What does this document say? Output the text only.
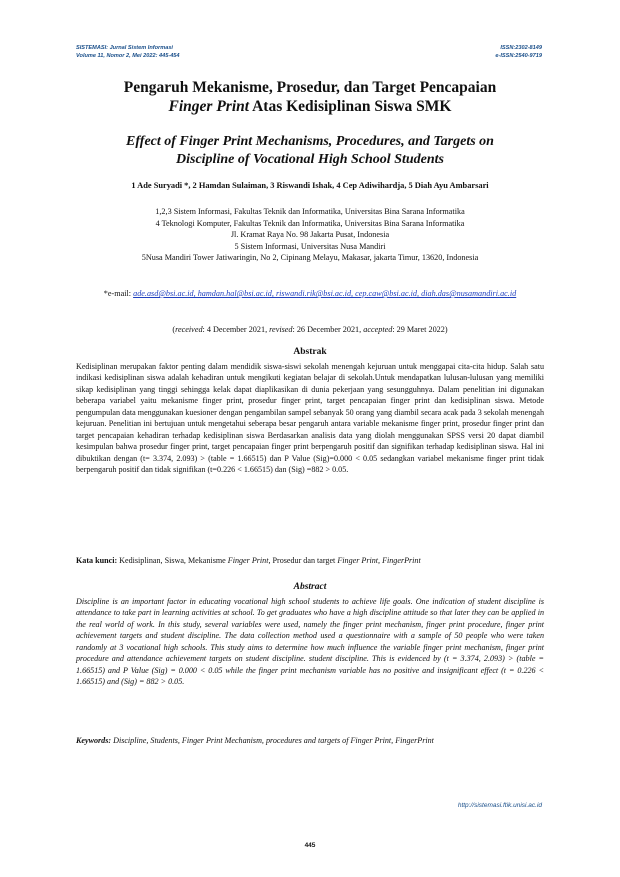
SISTEMASI: Jurnal Sistem Informasi
Volume 11, Nomor 2, Mei 2022: 445-454
ISSN:2302-8149
e-ISSN:2540-9719
Pengaruh Mekanisme, Prosedur, dan Target Pencapaian
Finger Print Atas Kedisiplinan Siswa SMK
Effect of Finger Print Mechanisms, Procedures, and Targets on
Discipline of Vocational High School Students
1 Ade Suryadi *, 2 Hamdan Sulaiman, 3 Riswandi Ishak, 4 Cep Adiwihardja, 5 Diah Ayu Ambarsari
1,2,3 Sistem Informasi, Fakultas Teknik dan Informatika, Universitas Bina Sarana Informatika
4 Teknologi Komputer, Fakultas Teknik dan Informatika, Universitas Bina Sarana Informatika
Jl. Kramat Raya No. 98 Jakarta Pusat, Indonesia
5 Sistem Informasi, Universitas Nusa Mandiri
5Nusa Mandiri Tower Jatiwaringin, No 2, Cipinang Melayu, Makasar, jakarta Timur, 13620, Indonesia
*e-mail: ade.asd@bsi.ac.id, hamdan.hal@bsi.ac.id, riswandi.rik@bsi.ac.id, cep.caw@bsi.ac.id, diah.das@nusamandiri.ac.id
(received: 4 December 2021, revised: 26 December 2021, accepted: 29 Maret 2022)
Abstrak
Kedisiplinan merupakan faktor penting dalam mendidik siswa-siswi sekolah menengah kejuruan untuk menggapai cita-cita hidup. Salah satu indikasi kedisiplinan siswa adalah kehadiran untuk mengikuti kegiatan belajar di sekolah.Untuk mendapatkan lulusan-lulusan yang memiliki sikap kedisiplinan yang tinggi sehingga kelak dapat diaplikasikan di dunia pekerjaan yang sesungguhnya. Dalam penelitian ini digunakan beberapa variabel yaitu mekanisme finger print, prosedur finger print, target pencapaian finger print dan kedisiplinan siswa. Metode pengumpulan data menggunakan kuesioner dengan pengambilan sampel sebanyak 50 orang yang diambil secara acak pada 3 sekolah menengah kejuruan. Penelitian ini bertujuan untuk mengetahui seberapa besar pengaruh antara variable mekanisme finger print, prosedur finger print dan target pencapaian kehadiran terhadap kedisiplinan siswa Berdasarkan analisis data yang diolah menggunakan SPSS versi 20 dapat diambil kesimpulan bahwa prosedur finger print, target pencapaian finger print berpengaruh positif dan signifikan terhadap kedisiplinan siswa. Hal ini dibuktikan dengan (t= 3.374, 2.093) > (table = 1.66515) dan P Value (Sig)=0.000 < 0.05 sedangkan variabel mekanisme finger print tidak berpengaruh positif dan tidak signifikan (t=0.226 < 1.66515) dan (Sig) =882 > 0.05.
Kata kunci: Kedisiplinan, Siswa, Mekanisme Finger Print, Prosedur dan target Finger Print, FingerPrint
Abstract
Discipline is an important factor in educating vocational high school students to achieve life goals. One indication of student discipline is attendance to take part in learning activities at school. To get graduates who have a high discipline attitude so that later they can be applied in the real world of work. In this study, several variables were used, namely the finger print mechanism, finger print procedure, finger print achievement targets and student discipline. The data collection method used a questionnaire with a sample of 50 people who were taken randomly at 3 vocational high schools. This study aims to determine how much influence the variable finger print mechanism, finger print procedure and attendance achievement targets on student discipline. student discipline. This is evidenced by (t = 3.374, 2.093) > (table = 1.66515) and P Value (Sig) = 0.000 < 0.05 while the finger print mechanism variable has no positive and insignificant effect (t = 0.226 < 1.66515) and (Sig) = 882 > 0.05.
Keywords: Discipline, Students, Finger Print Mechanism, procedures and targets of Finger Print, FingerPrint
http://sistemasi.ftik.unisi.ac.id
445
